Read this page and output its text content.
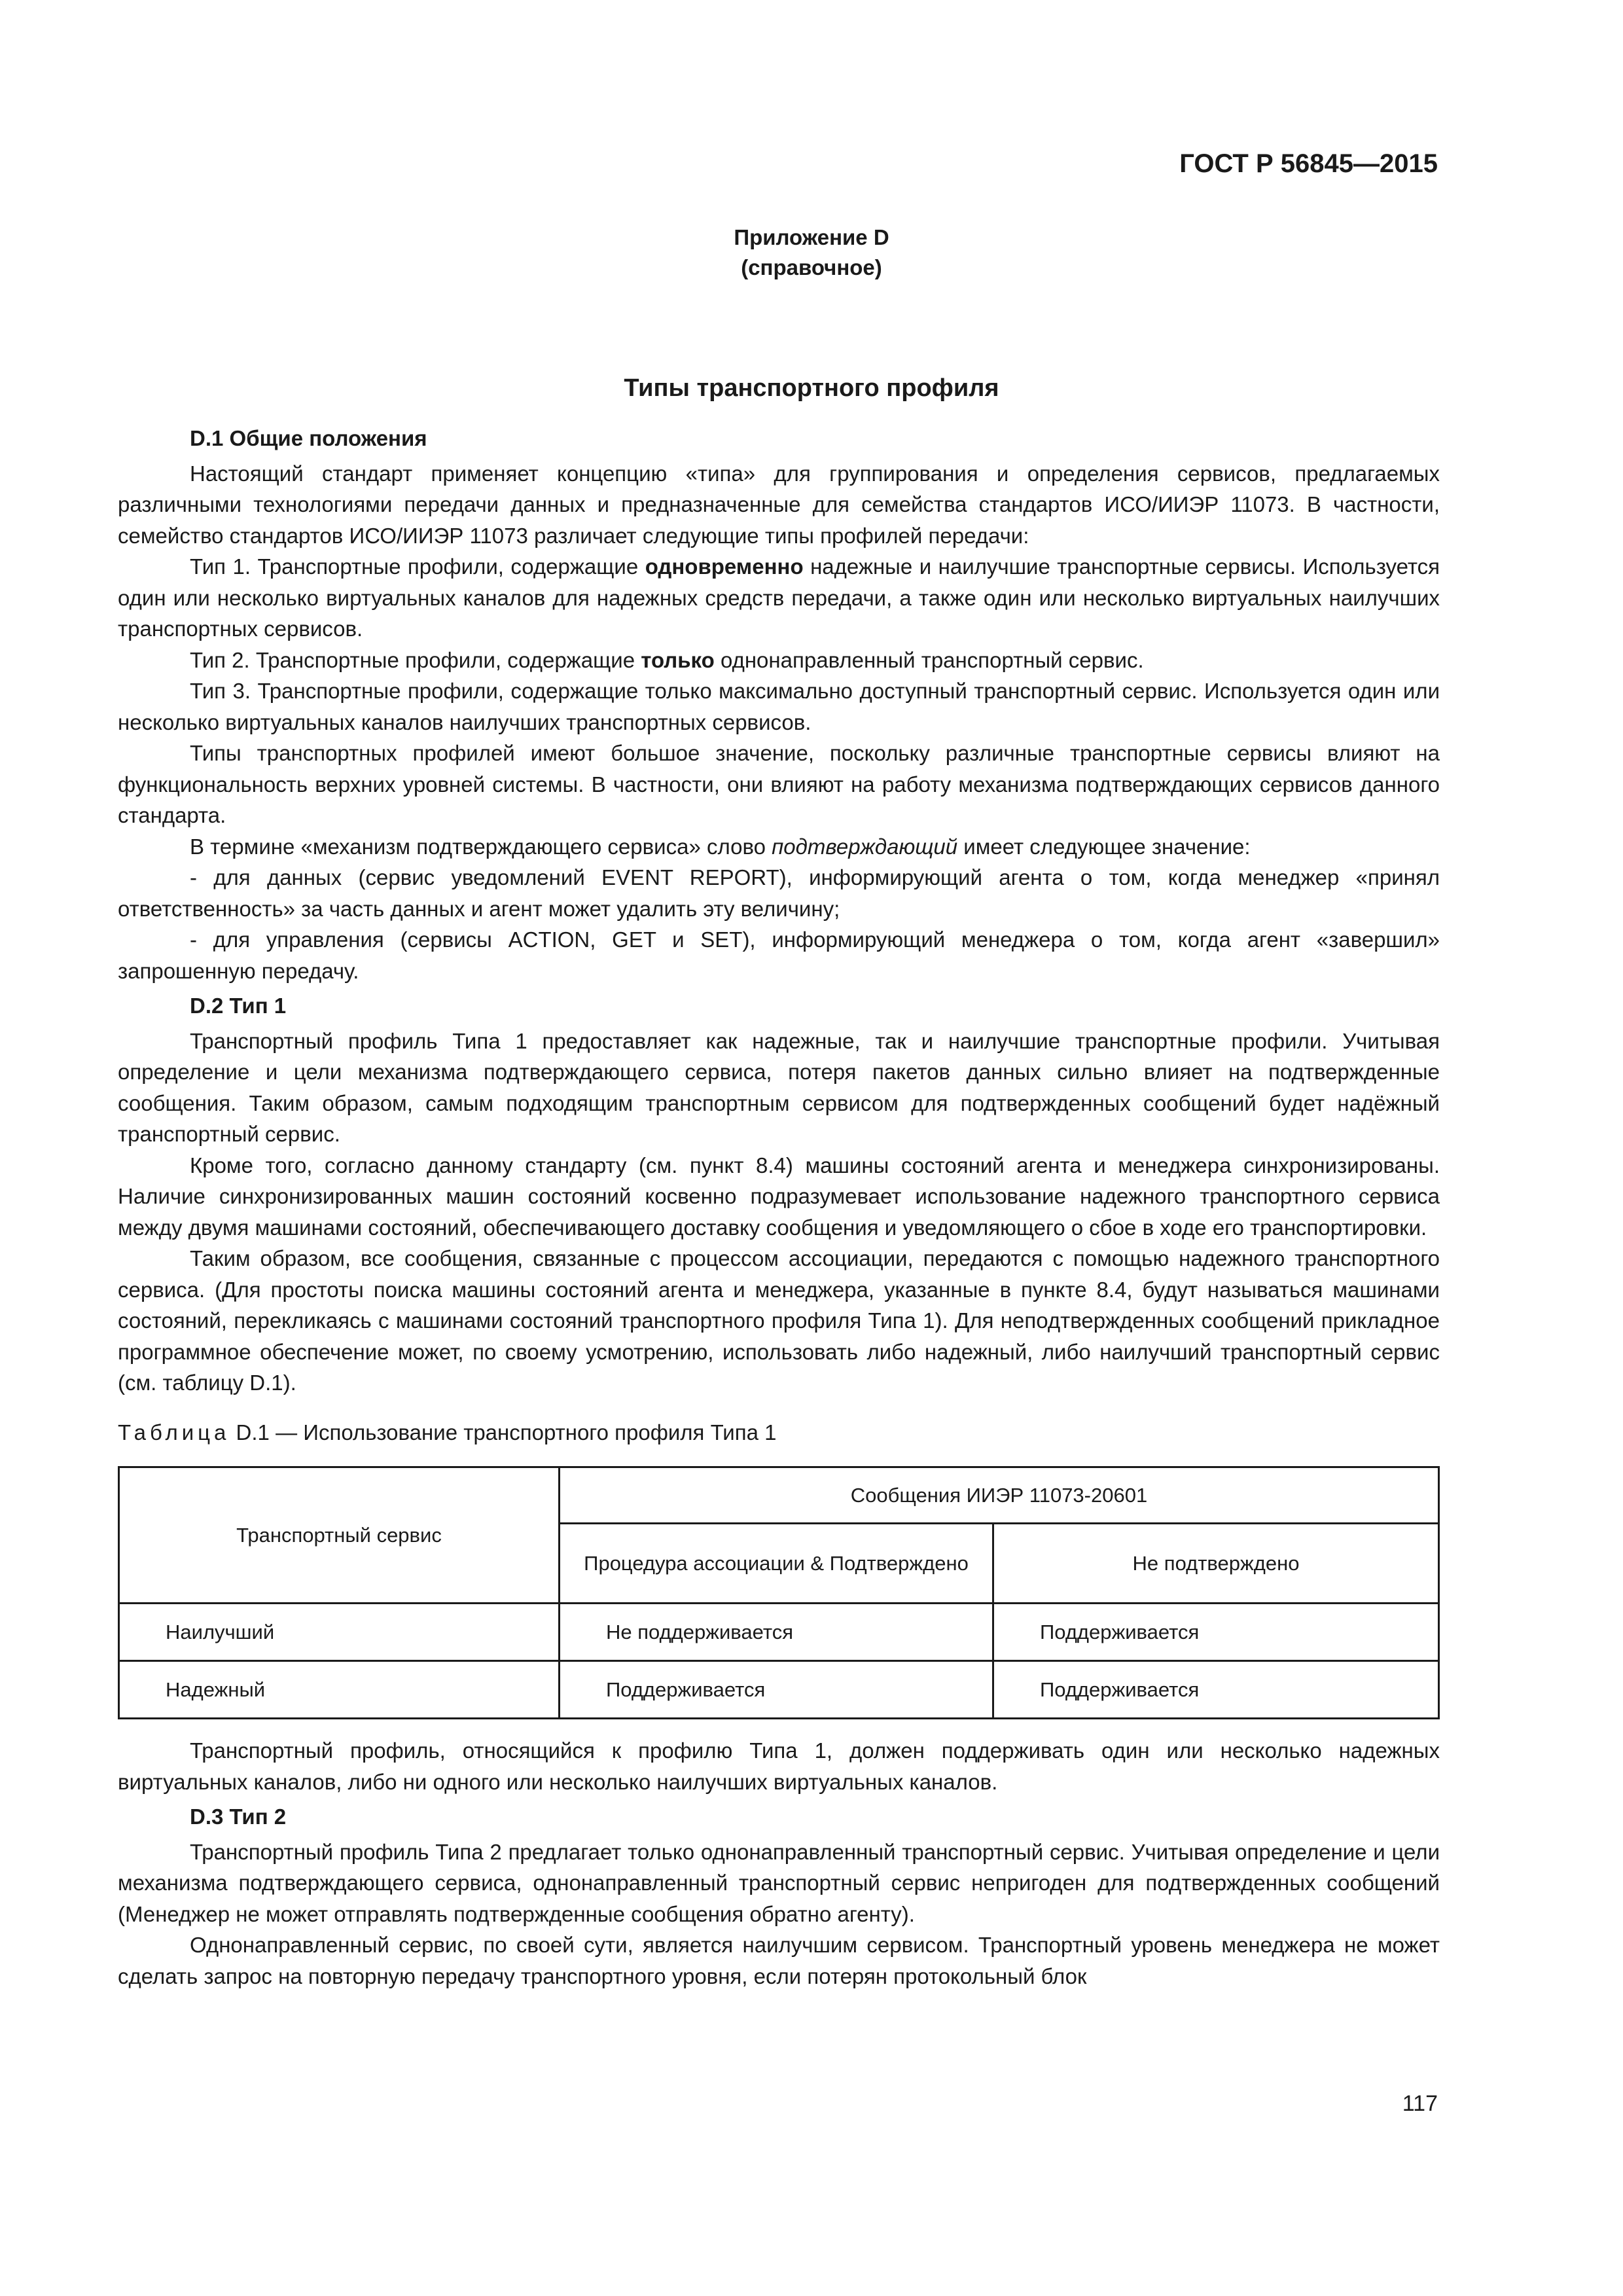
ГОСТ Р 56845—2015
Приложение D
(справочное)
Типы транспортного профиля

D.1 Общие положения

Настоящий стандарт применяет концепцию «типа» для группирования и определения сервисов, предлагаемых различными технологиями передачи данных и предназначенные для семейства стандартов ИСО/ИИЭР 11073. В частности, семейство стандартов ИСО/ИИЭР 11073 различает следующие типы профилей передачи:

Тип 1. Транспортные профили, содержащие одновременно надежные и наилучшие транспортные сервисы. Используется один или несколько виртуальных каналов для надежных средств передачи, а также один или несколько виртуальных наилучших транспортных сервисов.

Тип 2. Транспортные профили, содержащие только однонаправленный транспортный сервис.

Тип 3. Транспортные профили, содержащие только максимально доступный транспортный сервис. Используется один или несколько виртуальных каналов наилучших транспортных сервисов.

Типы транспортных профилей имеют большое значение, поскольку различные транспортные сервисы влияют на функциональность верхних уровней системы. В частности, они влияют на работу механизма подтверждающих сервисов данного стандарта.

В термине «механизм подтверждающего сервиса» слово подтверждающий имеет следующее значение:

- для данных (сервис уведомлений EVENT REPORT), информирующий агента о том, когда менеджер «принял ответственность» за часть данных и агент может удалить эту величину;

- для управления (сервисы ACTION, GET и SET), информирующий менеджера о том, когда агент «завершил» запрошенную передачу.

D.2 Тип 1

Транспортный профиль Типа 1 предоставляет как надежные, так и наилучшие транспортные профили. Учитывая определение и цели механизма подтверждающего сервиса, потеря пакетов данных сильно влияет на подтвержденные сообщения. Таким образом, самым подходящим транспортным сервисом для подтвержденных сообщений будет надёжный транспортный сервис.

Кроме того, согласно данному стандарту (см. пункт 8.4) машины состояний агента и менеджера синхронизированы. Наличие синхронизированных машин состояний косвенно подразумевает использование надежного транспортного сервиса между двумя машинами состояний, обеспечивающего доставку сообщения и уведомляющего о сбое в ходе его транспортировки.

Таким образом, все сообщения, связанные с процессом ассоциации, передаются с помощью надежного транспортного сервиса. (Для простоты поиска машины состояний агента и менеджера, указанные в пункте 8.4, будут называться машинами состояний, перекликаясь с машинами состояний транспортного профиля Типа 1). Для неподтвержденных сообщений прикладное программное обеспечение может, по своему усмотрению, использовать либо надежный, либо наилучший транспортный сервис (см. таблицу D.1).

Таблица D.1 — Использование транспортного профиля Типа 1

Транспортный сервис	Сообщения ИИЭР 11073-20601	
	Процедура ассоциации & Подтверждено	Не подтверждено
Наилучший	Не поддерживается	Поддерживается
Надежный	Поддерживается	Поддерживается

Транспортный профиль, относящийся к профилю Типа 1, должен поддерживать один или несколько надежных виртуальных каналов, либо ни одного или несколько наилучших виртуальных каналов.

D.3 Тип 2

Транспортный профиль Типа 2 предлагает только однонаправленный транспортный сервис. Учитывая определение и цели механизма подтверждающего сервиса, однонаправленный транспортный сервис непригоден для подтвержденных сообщений (Менеджер не может отправлять подтвержденные сообщения обратно агенту).

Однонаправленный сервис, по своей сути, является наилучшим сервисом. Транспортный уровень менеджера не может сделать запрос на повторную передачу транспортного уровня, если потерян протокольный блок

117
